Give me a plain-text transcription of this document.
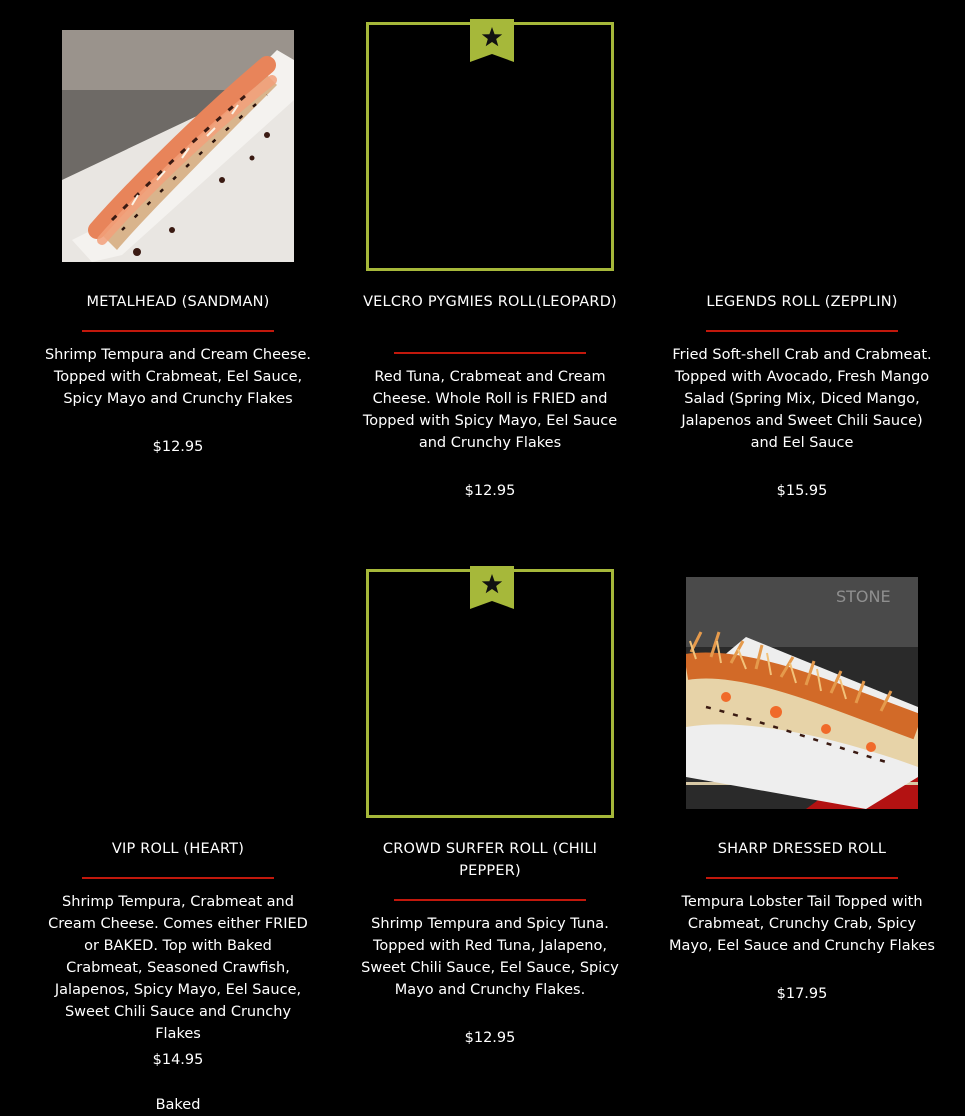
METALHEAD (SANDMAN)
Shrimp Tempura and Cream Cheese. Topped with Crabmeat, Eel Sauce, Spicy Mayo and Crunchy Flakes
$12.95
VELCRO PYGMIES ROLL(LEOPARD)
Red Tuna, Crabmeat and Cream Cheese. Whole Roll is FRIED and Topped with Spicy Mayo, Eel Sauce and Crunchy Flakes
$12.95
LEGENDS ROLL (ZEPPLIN)
Fried Soft-shell Crab and Crabmeat. Topped with Avocado, Fresh Mango Salad (Spring Mix, Diced Mango, Jalapenos and Sweet Chili Sauce) and Eel Sauce
$15.95
VIP ROLL (HEART)
Shrimp Tempura, Crabmeat and Cream Cheese. Comes either FRIED or BAKED. Top with Baked Crabmeat, Seasoned Crawfish, Jalapenos, Spicy Mayo, Eel Sauce, Sweet Chili Sauce and Crunchy Flakes
$14.95
Baked
CROWD SURFER ROLL (CHILI PEPPER)
Shrimp Tempura and Spicy Tuna. Topped with Red Tuna, Jalapeno, Sweet Chili Sauce, Eel Sauce, Spicy Mayo and Crunchy Flakes.
$12.95
STONE
SHARP DRESSED ROLL
Tempura Lobster Tail Topped with Crabmeat, Crunchy Crab, Spicy Mayo, Eel Sauce and Crunchy Flakes
$17.95
